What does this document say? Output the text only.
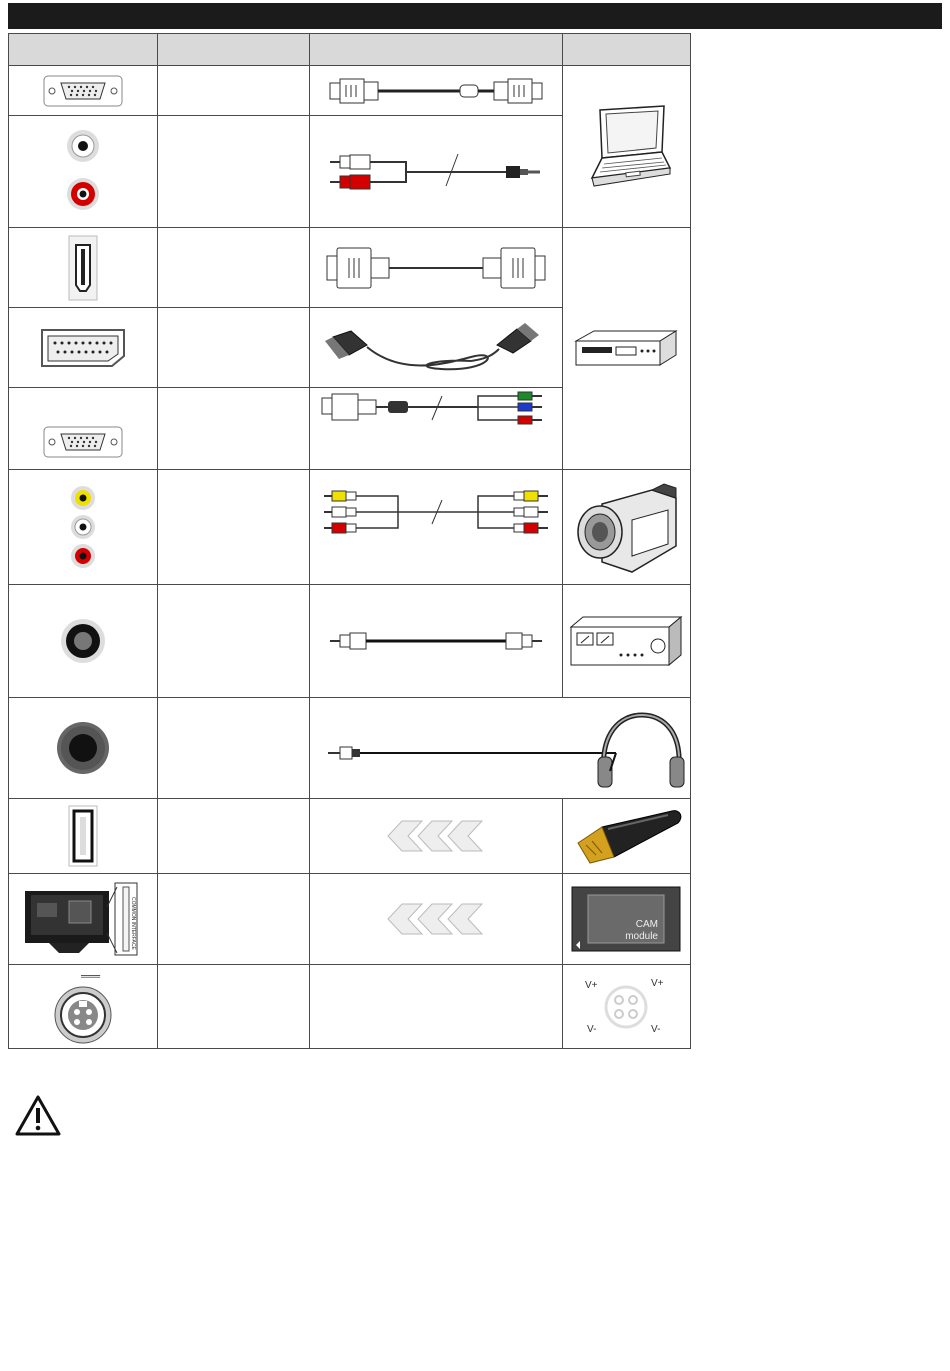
COMMON INTERFACE			CAM
module

═══			V+ V+
V- V-
